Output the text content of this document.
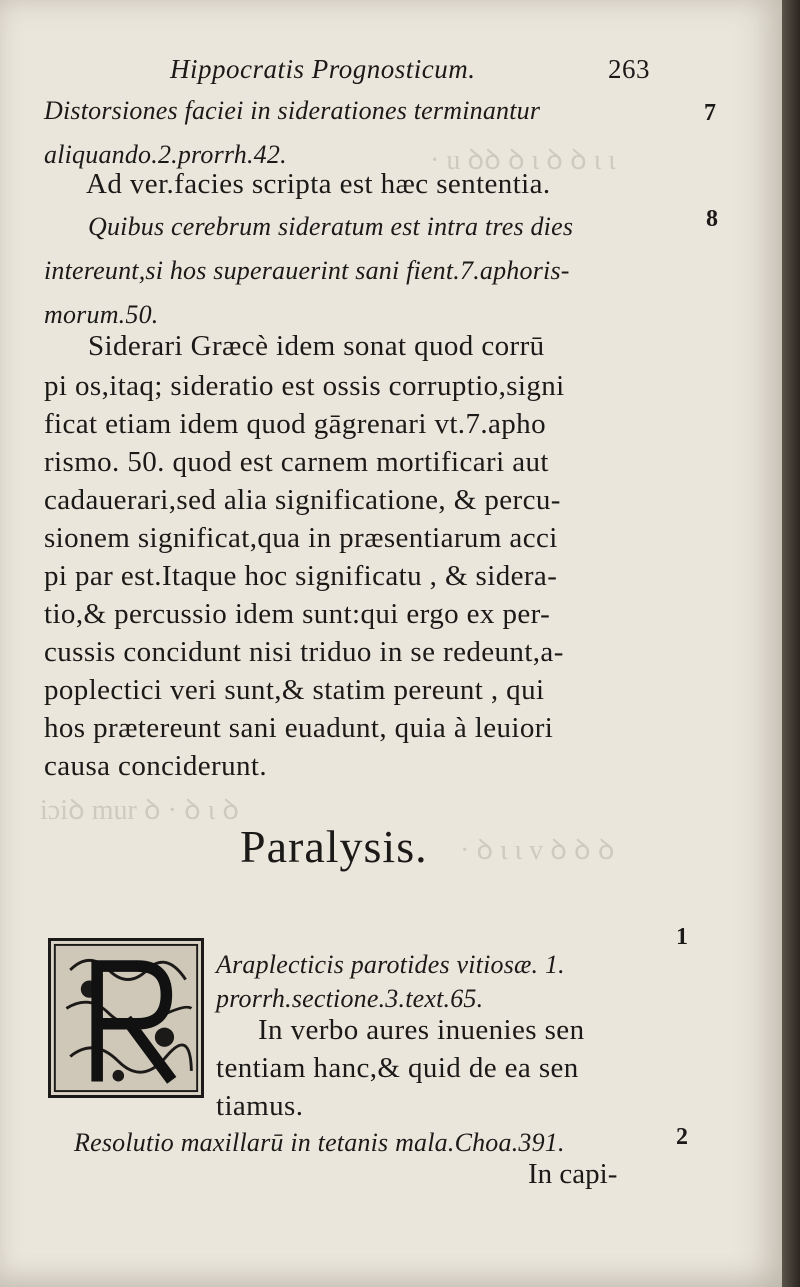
Hippocratis Prognosticum.	263
· u ꝺꝺ ꝺ ɩ ꝺ ꝺ ɩ ɩ
iɔiꝺ mur ꝺ · ꝺ ɩ ꝺ
· ꝺ ɩ ɩ v ꝺ ꝺ ꝺ
Distorsiones faciei in siderationes terminantur
aliquando.2.prorrh.42.
Ad ver.facies scripta est hæc sententia.
Quibus cerebrum sideratum est intra tres dies
intereunt,si hos superauerint sani fient.7.aphoris-
morum.50.
Siderari Græcè idem sonat quod corrū
pi os,itaq; sideratio est ossis corruptio,signi
ficat etiam idem quod gāgrenari vt.7.apho
rismo. 50. quod est carnem mortificari aut
cadauerari,sed alia significatione, & percu-
sionem significat,qua in præsentiarum acci
pi par est.Itaque hoc significatu , & sidera-
tio,& percussio idem sunt:qui ergo ex per-
cussis concidunt nisi triduo in se redeunt,a-
poplectici veri sunt,& statim pereunt , qui
hos prætereunt sani euadunt, quia à leuiori
causa conciderunt.
Paralysis.
Araplecticis parotides vitiosæ. 1.
prorrh.sectione.3.text.65.
In verbo aures inuenies sen
tentiam hanc,& quid de ea sen
tiamus.
Resolutio maxillarū in tetanis mala.Choa.391.
In capi-
7
8
1
2
